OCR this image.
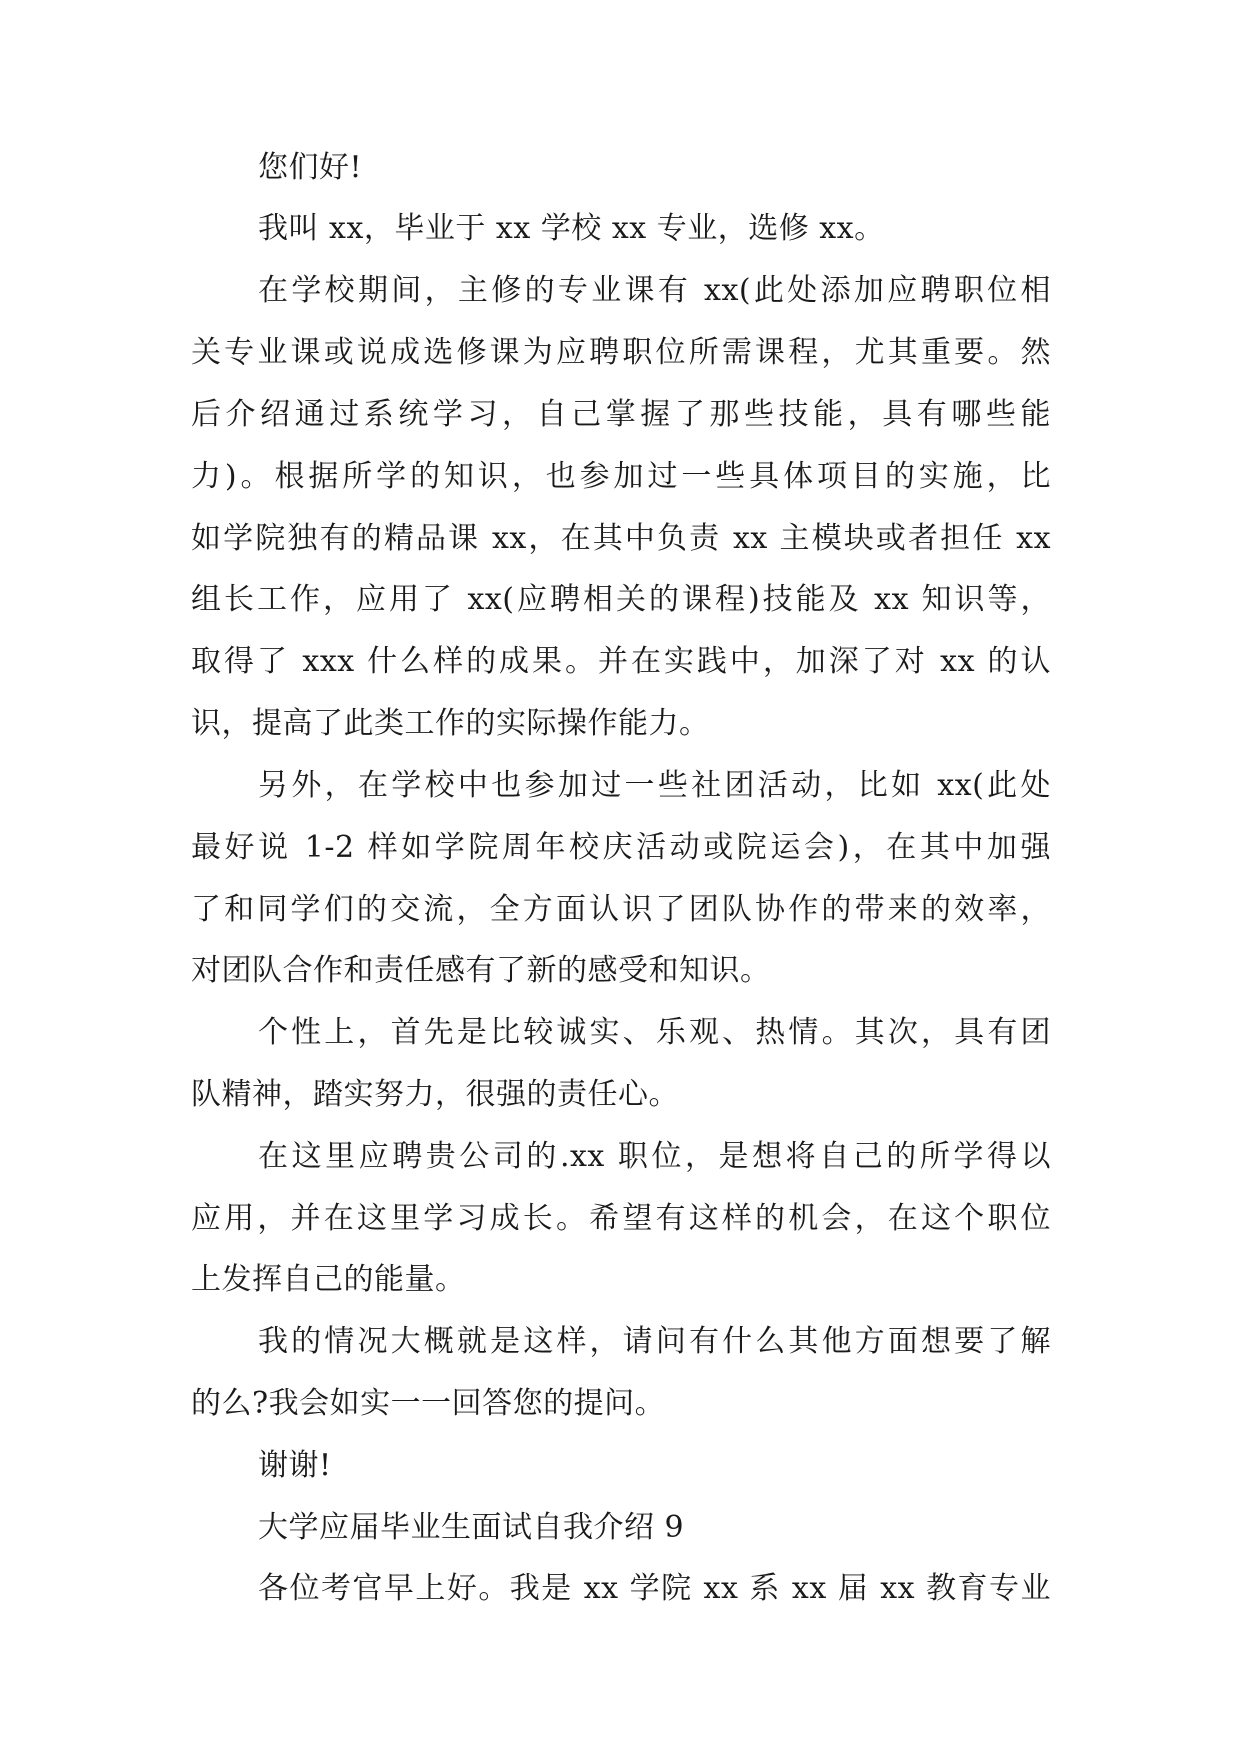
您们好!
我叫 xx，毕业于 xx 学校 xx 专业，选修 xx。
在学校期间，主修的专业课有 xx(此处添加应聘职位相
关专业课或说成选修课为应聘职位所需课程，尤其重要。然
后介绍通过系统学习，自己掌握了那些技能，具有哪些能
力)。根据所学的知识，也参加过一些具体项目的实施，比
如学院独有的精品课 xx，在其中负责 xx 主模块或者担任 xx
组长工作，应用了 xx(应聘相关的课程)技能及 xx 知识等，
取得了 xxx 什么样的成果。并在实践中，加深了对 xx 的认
识，提高了此类工作的实际操作能力。
另外，在学校中也参加过一些社团活动，比如 xx(此处
最好说 1-2 样如学院周年校庆活动或院运会)，在其中加强
了和同学们的交流，全方面认识了团队协作的带来的效率，
对团队合作和责任感有了新的感受和知识。
个性上，首先是比较诚实、乐观、热情。其次，具有团
队精神，踏实努力，很强的责任心。
在这里应聘贵公司的.xx 职位，是想将自己的所学得以
应用，并在这里学习成长。希望有这样的机会，在这个职位
上发挥自己的能量。
我的情况大概就是这样，请问有什么其他方面想要了解
的么?我会如实一一回答您的提问。
谢谢!
大学应届毕业生面试自我介绍 9
各位考官早上好。我是 xx 学院 xx 系 xx 届 xx 教育专业
